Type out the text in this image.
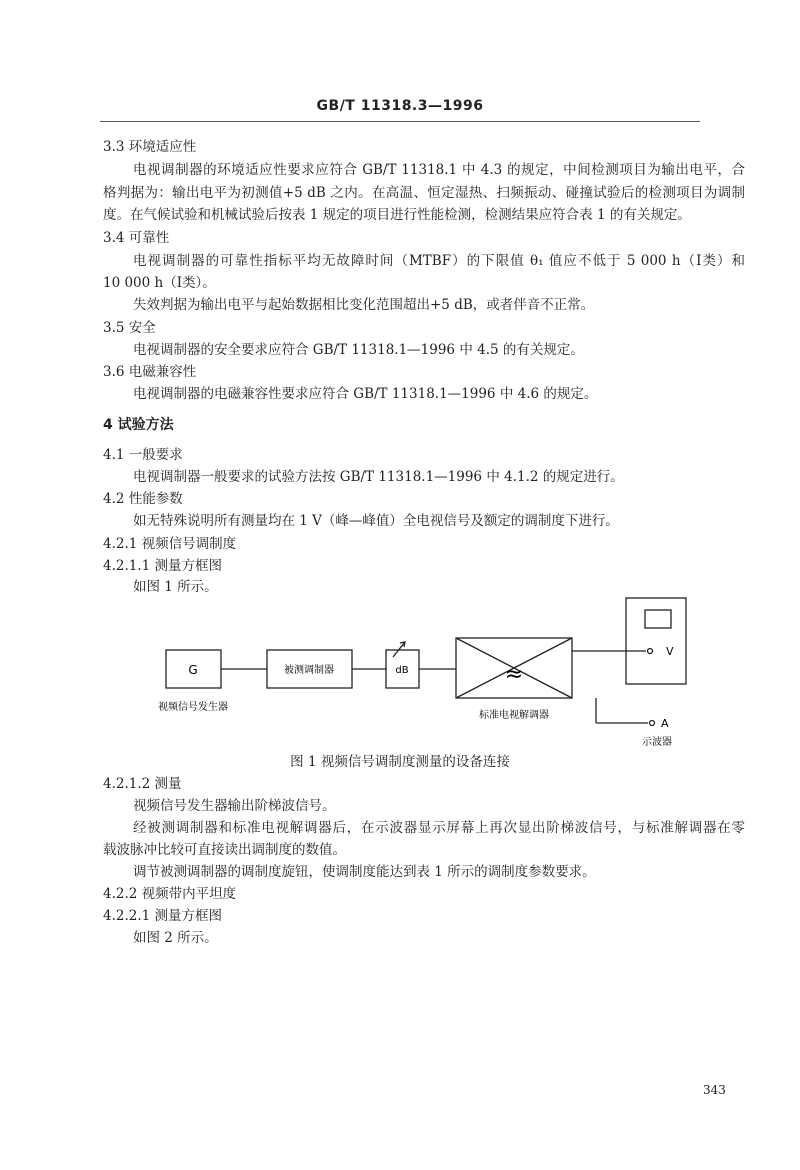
GB/T 11318.3—1996
3.3 环境适应性
电视调制器的环境适应性要求应符合 GB/T 11318.1 中 4.3 的规定，中间检测项目为输出电平，合
格判据为：输出电平为初测值+5 dB 之内。在高温、恒定湿热、扫频振动、碰撞试验后的检测项目为调制
度。在气候试验和机械试验后按表 1 规定的项目进行性能检测，检测结果应符合表 1 的有关规定。
3.4 可靠性
电视调制器的可靠性指标平均无故障时间（MTBF）的下限值 θ₁ 值应不低于 5 000 h（Ⅰ类）和
10 000 h（Ⅰ类）。
失效判据为输出电平与起始数据相比变化范围超出+5 dB，或者伴音不正常。
3.5 安全
电视调制器的安全要求应符合 GB/T 11318.1—1996 中 4.5 的有关规定。
3.6 电磁兼容性
电视调制器的电磁兼容性要求应符合 GB/T 11318.1—1996 中 4.6 的规定。
4 试验方法
4.1 一般要求
电视调制器一般要求的试验方法按 GB/T 11318.1—1996 中 4.1.2 的规定进行。
4.2 性能参数
如无特殊说明所有测量均在 1 V（峰—峰值）全电视信号及额定的调制度下进行。
4.2.1 视频信号调制度
4.2.1.1 测量方框图
如图 1 所示。
G
视频信号发生器
被测调制器	dB	≈
标准电视解调器
V
A
示波器
图 1 视频信号调制度测量的设备连接
4.2.1.2 测量
视频信号发生器输出阶梯波信号。
经被测调制器和标准电视解调器后，在示波器显示屏幕上再次显出阶梯波信号，与标准解调器在零
载波脉冲比较可直接读出调制度的数值。
调节被测调制器的调制度旋钮，使调制度能达到表 1 所示的调制度参数要求。
4.2.2 视频带内平坦度
4.2.2.1 测量方框图
如图 2 所示。
343
